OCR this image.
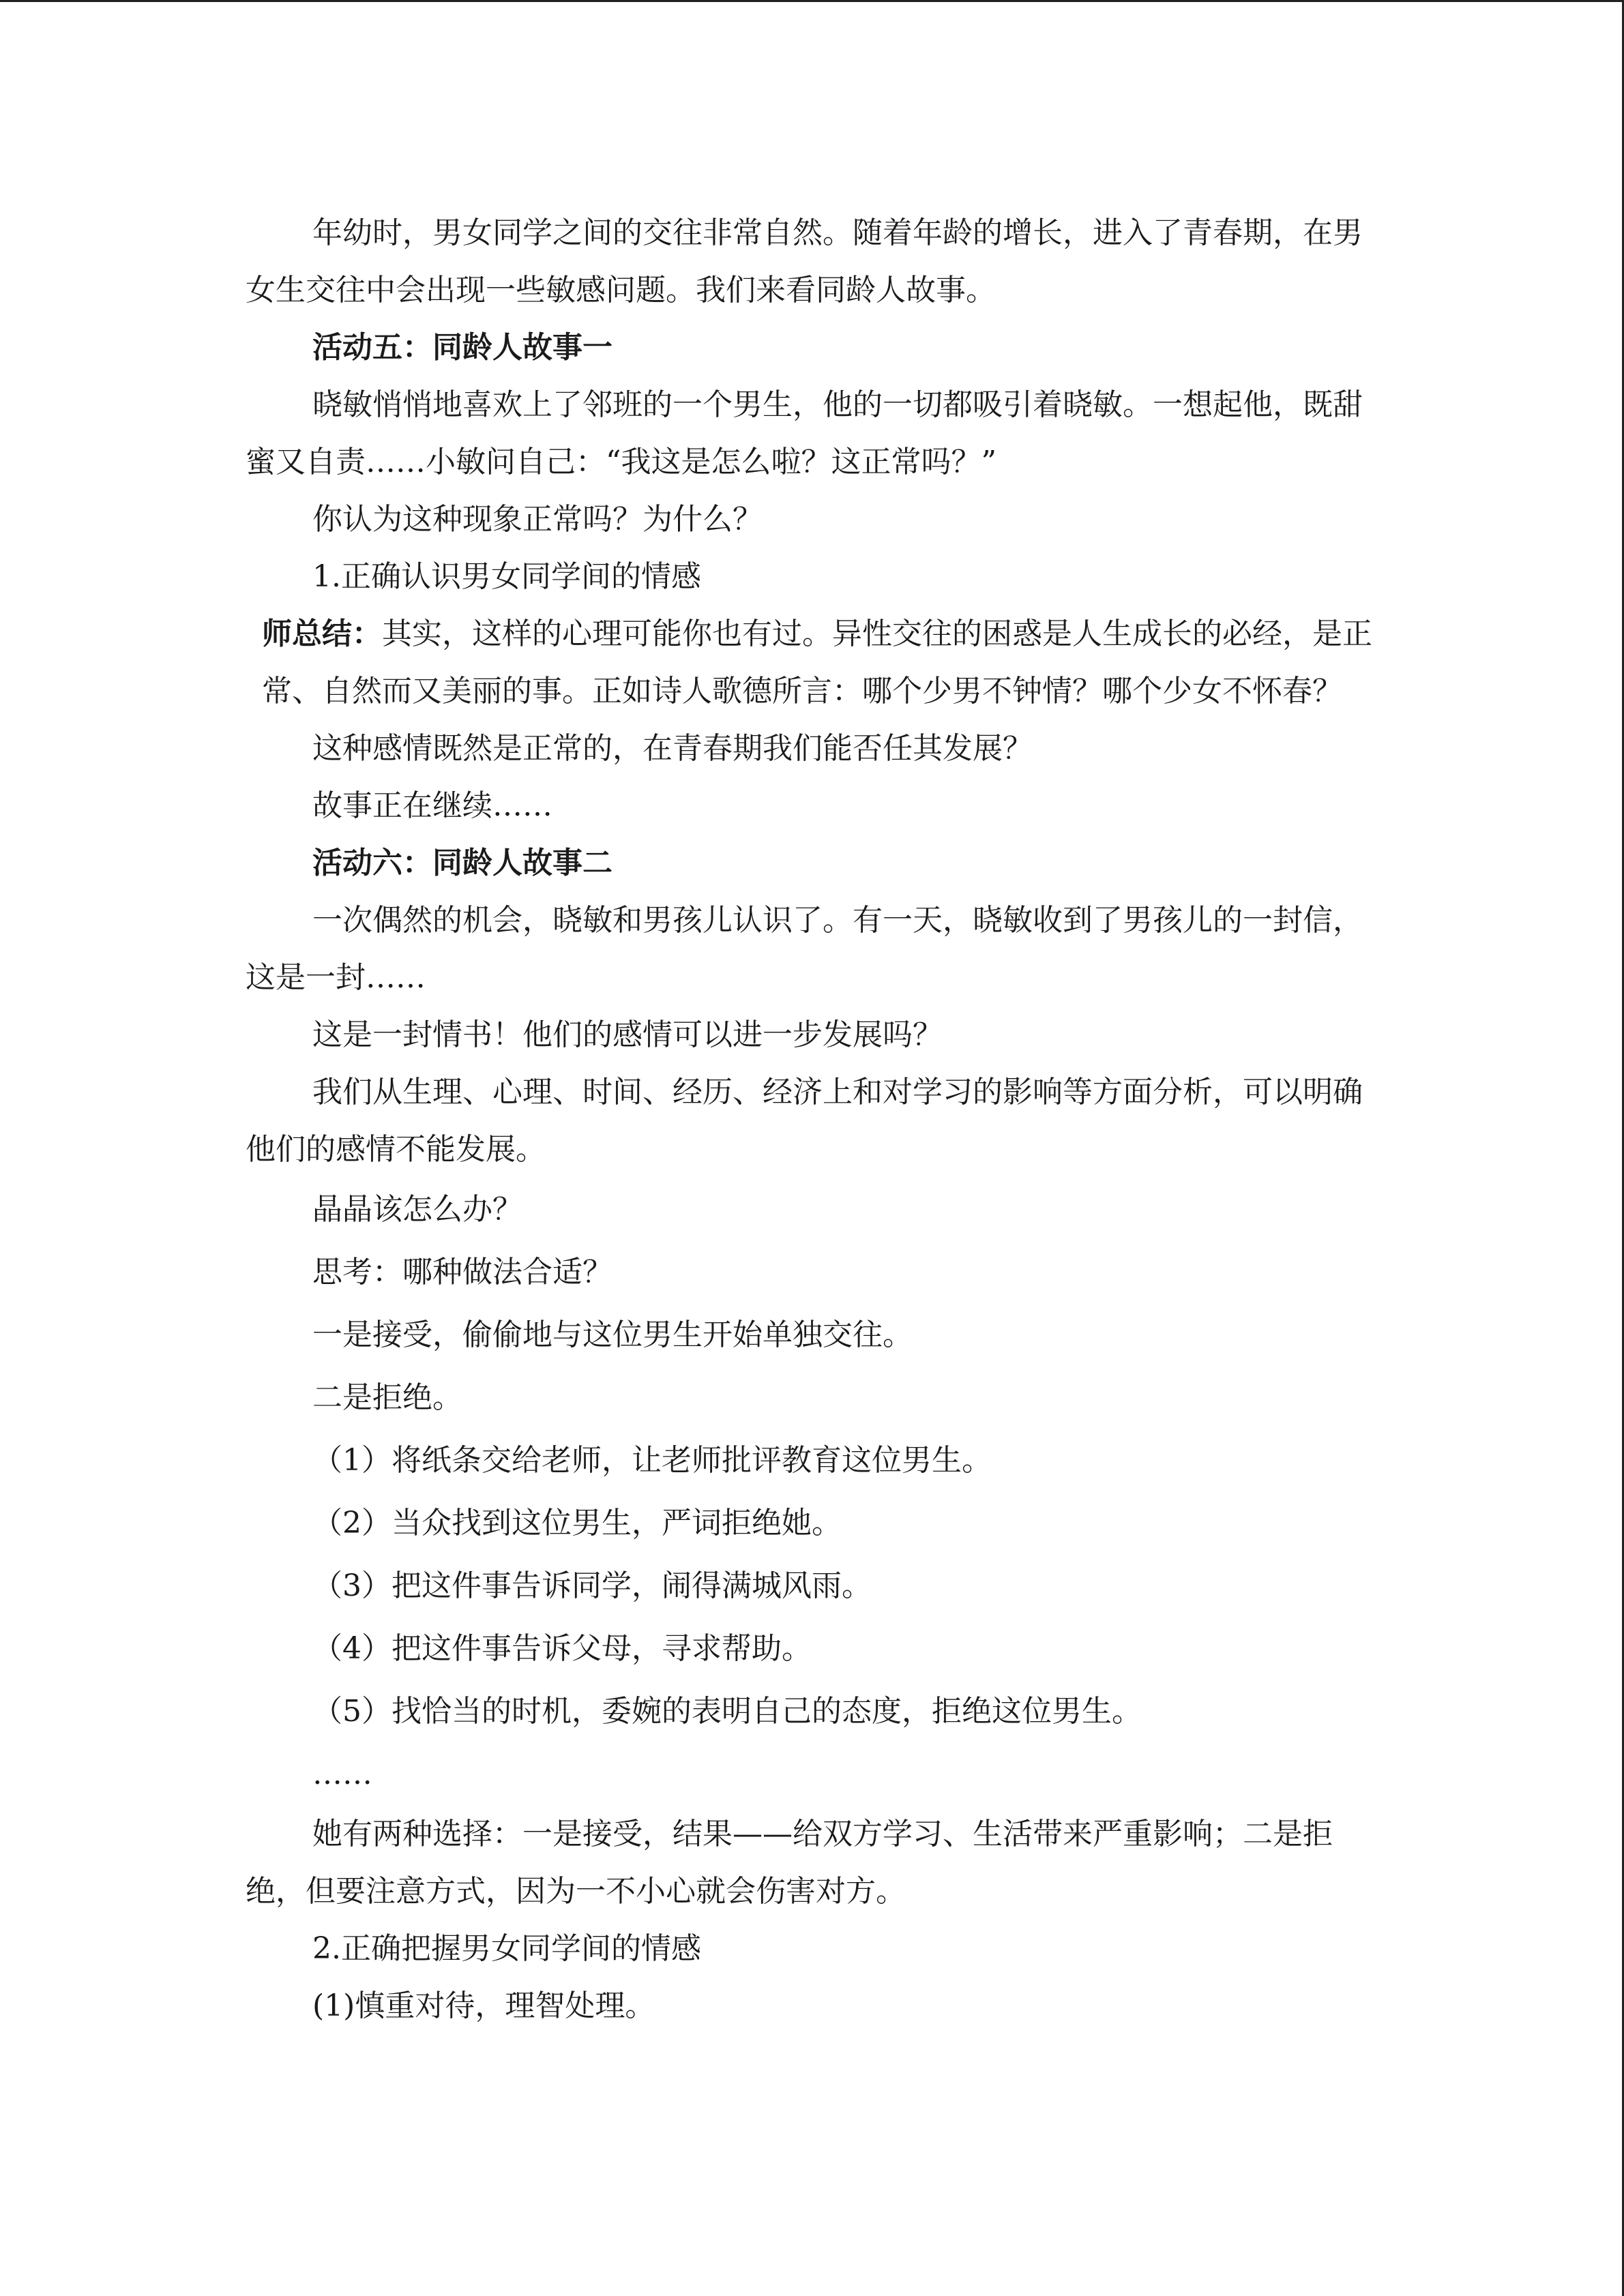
年幼时，男女同学之间的交往非常自然。随着年龄的增长，进入了青春期，在男女生交往中会出现一些敏感问题。我们来看同龄人故事。

活动五：同龄人故事一

晓敏悄悄地喜欢上了邻班的一个男生，他的一切都吸引着晓敏。一想起他，既甜蜜又自责……小敏问自己：“我这是怎么啦？这正常吗？”

你认为这种现象正常吗？为什么？

1.正确认识男女同学间的情感

师总结：其实，这样的心理可能你也有过。异性交往的困惑是人生成长的必经，是正常、自然而又美丽的事。正如诗人歌德所言：哪个少男不钟情？哪个少女不怀春？

这种感情既然是正常的，在青春期我们能否任其发展？

故事正在继续……

活动六：同龄人故事二

一次偶然的机会，晓敏和男孩儿认识了。有一天，晓敏收到了男孩儿的一封信，这是一封……

这是一封情书！他们的感情可以进一步发展吗？

我们从生理、心理、时间、经历、经济上和对学习的影响等方面分析，可以明确他们的感情不能发展。

晶晶该怎么办？

思考：哪种做法合适？

一是接受，偷偷地与这位男生开始单独交往。

二是拒绝。

（1）将纸条交给老师，让老师批评教育这位男生。

（2）当众找到这位男生，严词拒绝她。

（3）把这件事告诉同学，闹得满城风雨。

（4）把这件事告诉父母，寻求帮助。

（5）找恰当的时机，委婉的表明自己的态度，拒绝这位男生。

……

她有两种选择：一是接受，结果——给双方学习、生活带来严重影响；二是拒绝，但要注意方式，因为一不小心就会伤害对方。

2.正确把握男女同学间的情感

(1)慎重对待，理智处理。
